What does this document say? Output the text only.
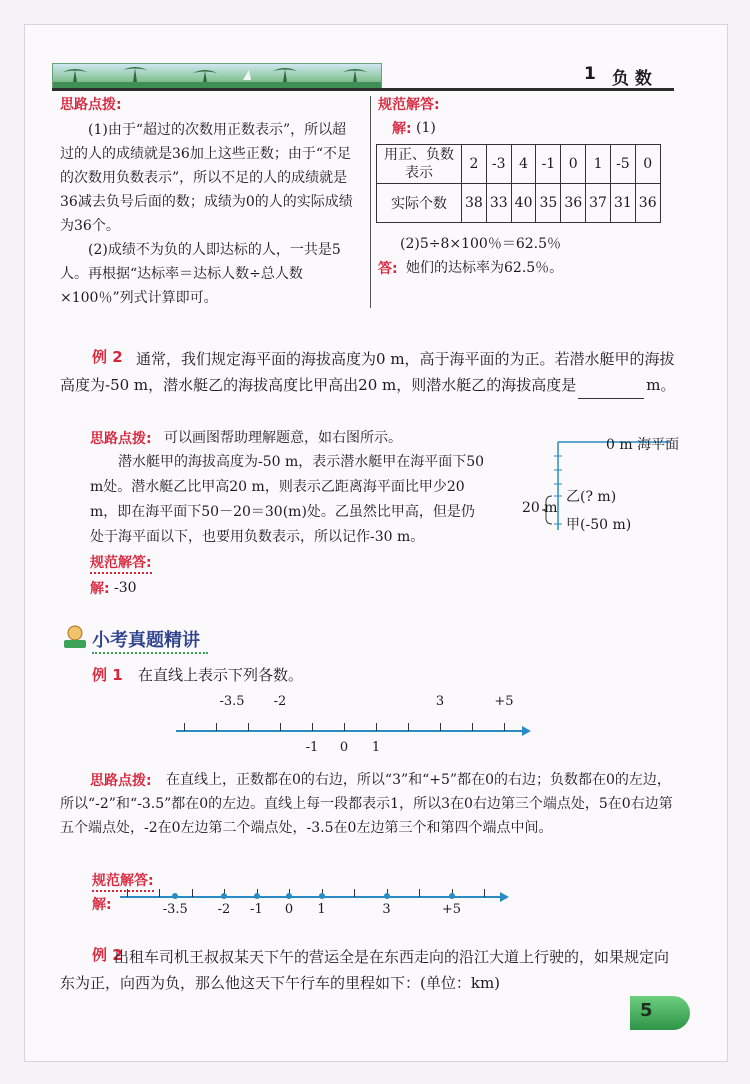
1 负 数
思路点拨:
(1)由于“超过的次数用正数表示”，所以超过的人的成绩就是36加上这些正数；由于“不足的次数用负数表示”，所以不足的人的成绩就是36减去负号后面的数；成绩为0的人的实际成绩为36个。
(2)成绩不为负的人即达标的人，一共是5人。再根据“达标率＝达标人数÷总人数×100％”列式计算即可。
规范解答:
解: (1)
用正、负数表示	2	-3	4	-1	0	1	-5	0
实际个数	38	33	40	35	36	37	31	36
(2)5÷8×100％＝62.5％
答: 她们的达标率为62.5％。
例 2 通常，我们规定海平面的海拔高度为0 m，高于海平面的为正。若潜水艇甲的海拔高度为-50 m，潜水艇乙的海拔高度比甲高出20 m，则潜水艇乙的海拔高度是	m。
思路点拨: 可以画图帮助理解题意，如右图所示。
潜水艇甲的海拔高度为-50 m，表示潜水艇甲在海平面下50 m处。潜水艇乙比甲高20 m，则表示乙距离海平面比甲少20 m，即在海平面下50－20＝30(m)处。乙虽然比甲高，但是仍处于海平面以下，也要用负数表示，所以记作-30 m。
规范解答:
解: -30
0 m 海平面
乙(? m)
20 m
甲(-50 m)
小考真题精讲
例 1 在直线上表示下列各数。
-2	3
-3.5	+5
-1 0 1
思路点拨:	在直线上，正数都在0的右边，所以“3”和“+5”都在0的右边；负数都在0的左边，所以“-2”和“-3.5”都在0的左边。直线上每一段都表示1，所以3在0右边第三个端点处，5在0右边第五个端点处，-2在0左边第二个端点处，-3.5在0左边第三个和第四个端点中间。
规范解答:
解:	-3.5 -2 -1 0 1	3	+5
例 2
出租车司机王叔叔某天下午的营运全是在东西走向的沿江大道上行驶的，如果规定向东为正，向西为负，那么他这天下午行车的里程如下：(单位：km)
5
